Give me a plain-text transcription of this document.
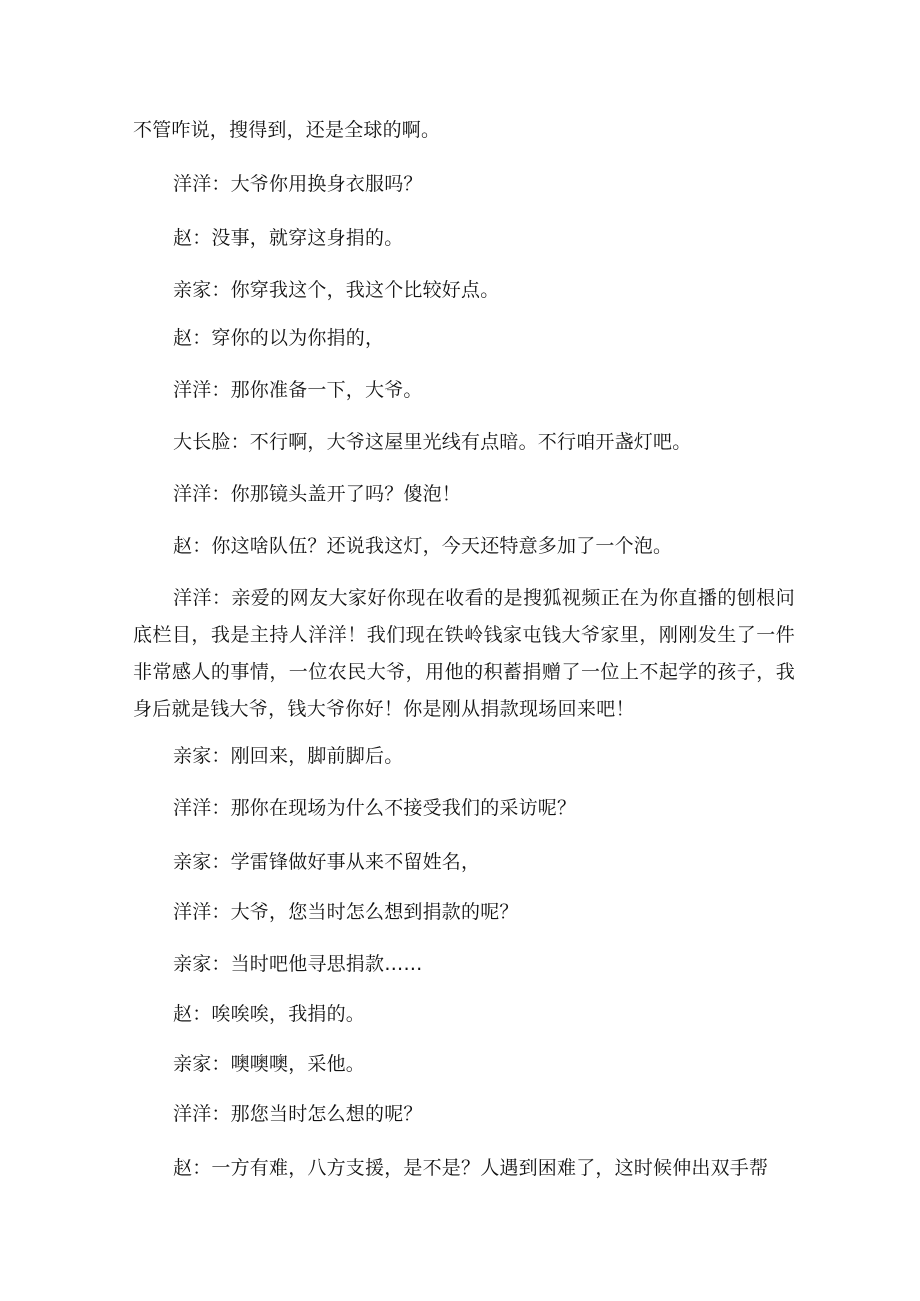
不管咋说，搜得到，还是全球的啊。
洋洋：大爷你用换身衣服吗？
赵：没事，就穿这身捐的。
亲家：你穿我这个，我这个比较好点。
赵：穿你的以为你捐的，
洋洋：那你准备一下，大爷。
大长脸：不行啊，大爷这屋里光线有点暗。不行咱开盏灯吧。
洋洋：你那镜头盖开了吗？傻泡！
赵：你这啥队伍？还说我这灯，今天还特意多加了一个泡。
洋洋：亲爱的网友大家好你现在收看的是搜狐视频正在为你直播的刨根问底栏目，我是主持人洋洋！我们现在铁岭钱家屯钱大爷家里，刚刚发生了一件非常感人的事情，一位农民大爷，用他的积蓄捐赠了一位上不起学的孩子，我身后就是钱大爷，钱大爷你好！你是刚从捐款现场回来吧！
亲家：刚回来，脚前脚后。
洋洋：那你在现场为什么不接受我们的采访呢？
亲家：学雷锋做好事从来不留姓名，
洋洋：大爷，您当时怎么想到捐款的呢？
亲家：当时吧他寻思捐款……
赵：唉唉唉，我捐的。
亲家：噢噢噢，采他。
洋洋：那您当时怎么想的呢？
赵：一方有难，八方支援，是不是？人遇到困难了，这时候伸出双手帮
